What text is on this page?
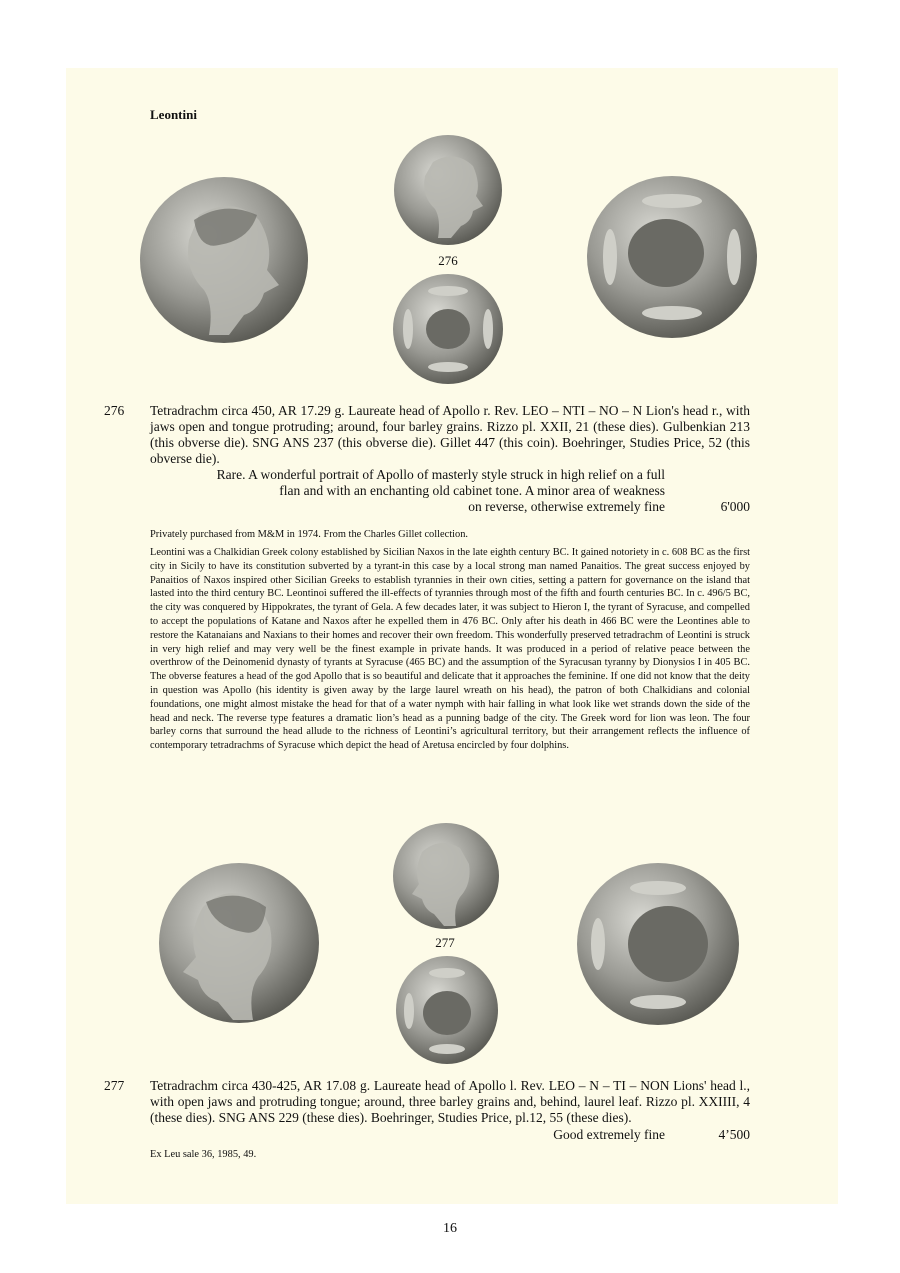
Leontini
276
276 Tetradrachm circa 450, AR 17.29 g. Laureate head of Apollo r. Rev. LEO – NTI – NO – N Lion's head r., with jaws open and tongue protruding; around, four barley grains. Rizzo pl. XXII, 21 (these dies). Gulbenkian 213 (this obverse die). SNG ANS 237 (this obverse die). Gillet 447 (this coin). Boehringer, Studies Price, 52 (this obverse die).
Rare. A wonderful portrait of Apollo of masterly style struck in high relief on a full
flan and with an enchanting old cabinet tone. A minor area of weakness
on reverse, otherwise extremely fine	6'000
Privately purchased from M&M in 1974. From the Charles Gillet collection.
Leontini was a Chalkidian Greek colony established by Sicilian Naxos in the late eighth century BC. It gained notoriety in c. 608 BC as the first city in Sicily to have its constitution subverted by a tyrant-in this case by a local strong man named Panaitios. The great success enjoyed by Panaitios of Naxos inspired other Sicilian Greeks to establish tyrannies in their own cities, setting a pattern for governance on the island that lasted into the third century BC. Leontinoi suffered the ill-effects of tyrannies through most of the fifth and fourth centuries BC. In c. 496/5 BC, the city was conquered by Hippokrates, the tyrant of Gela. A few decades later, it was subject to Hieron I, the tyrant of Syracuse, and compelled to accept the populations of Katane and Naxos after he expelled them in 476 BC. Only after his death in 466 BC were the Leontines able to restore the Katanaians and Naxians to their homes and recover their own freedom. This wonderfully preserved tetradrachm of Leontini is struck in very high relief and may very well be the finest example in private hands. It was produced in a period of relative peace between the overthrow of the Deinomenid dynasty of tyrants at Syracuse (465 BC) and the assumption of the Syracusan tyranny by Dionysios I in 405 BC. The obverse features a head of the god Apollo that is so beautiful and delicate that it approaches the feminine. If one did not know that the deity in question was Apollo (his identity is given away by the large laurel wreath on his head), the patron of both Chalkidians and colonial foundations, one might almost mistake the head for that of a water nymph with hair falling in what look like wet strands down the side of the head and neck. The reverse type features a dramatic lion’s head as a punning badge of the city. The Greek word for lion was leon. The four barley corns that surround the head allude to the richness of Leontini’s agricultural territory, but their arrangement reflects the influence of contemporary tetradrachms of Syracuse which depict the head of Aretusa encircled by four dolphins.
277
277 Tetradrachm circa 430-425, AR 17.08 g. Laureate head of Apollo l. Rev. LEO – N – TI – NON Lions' head l., with open jaws and protruding tongue; around, three barley grains and, behind, laurel leaf. Rizzo pl. XXIIII, 4 (these dies). SNG ANS 229 (these dies). Boehringer, Studies Price, pl.12, 55 (these dies).
Good extremely fine	4’500
Ex Leu sale 36, 1985, 49.
16
